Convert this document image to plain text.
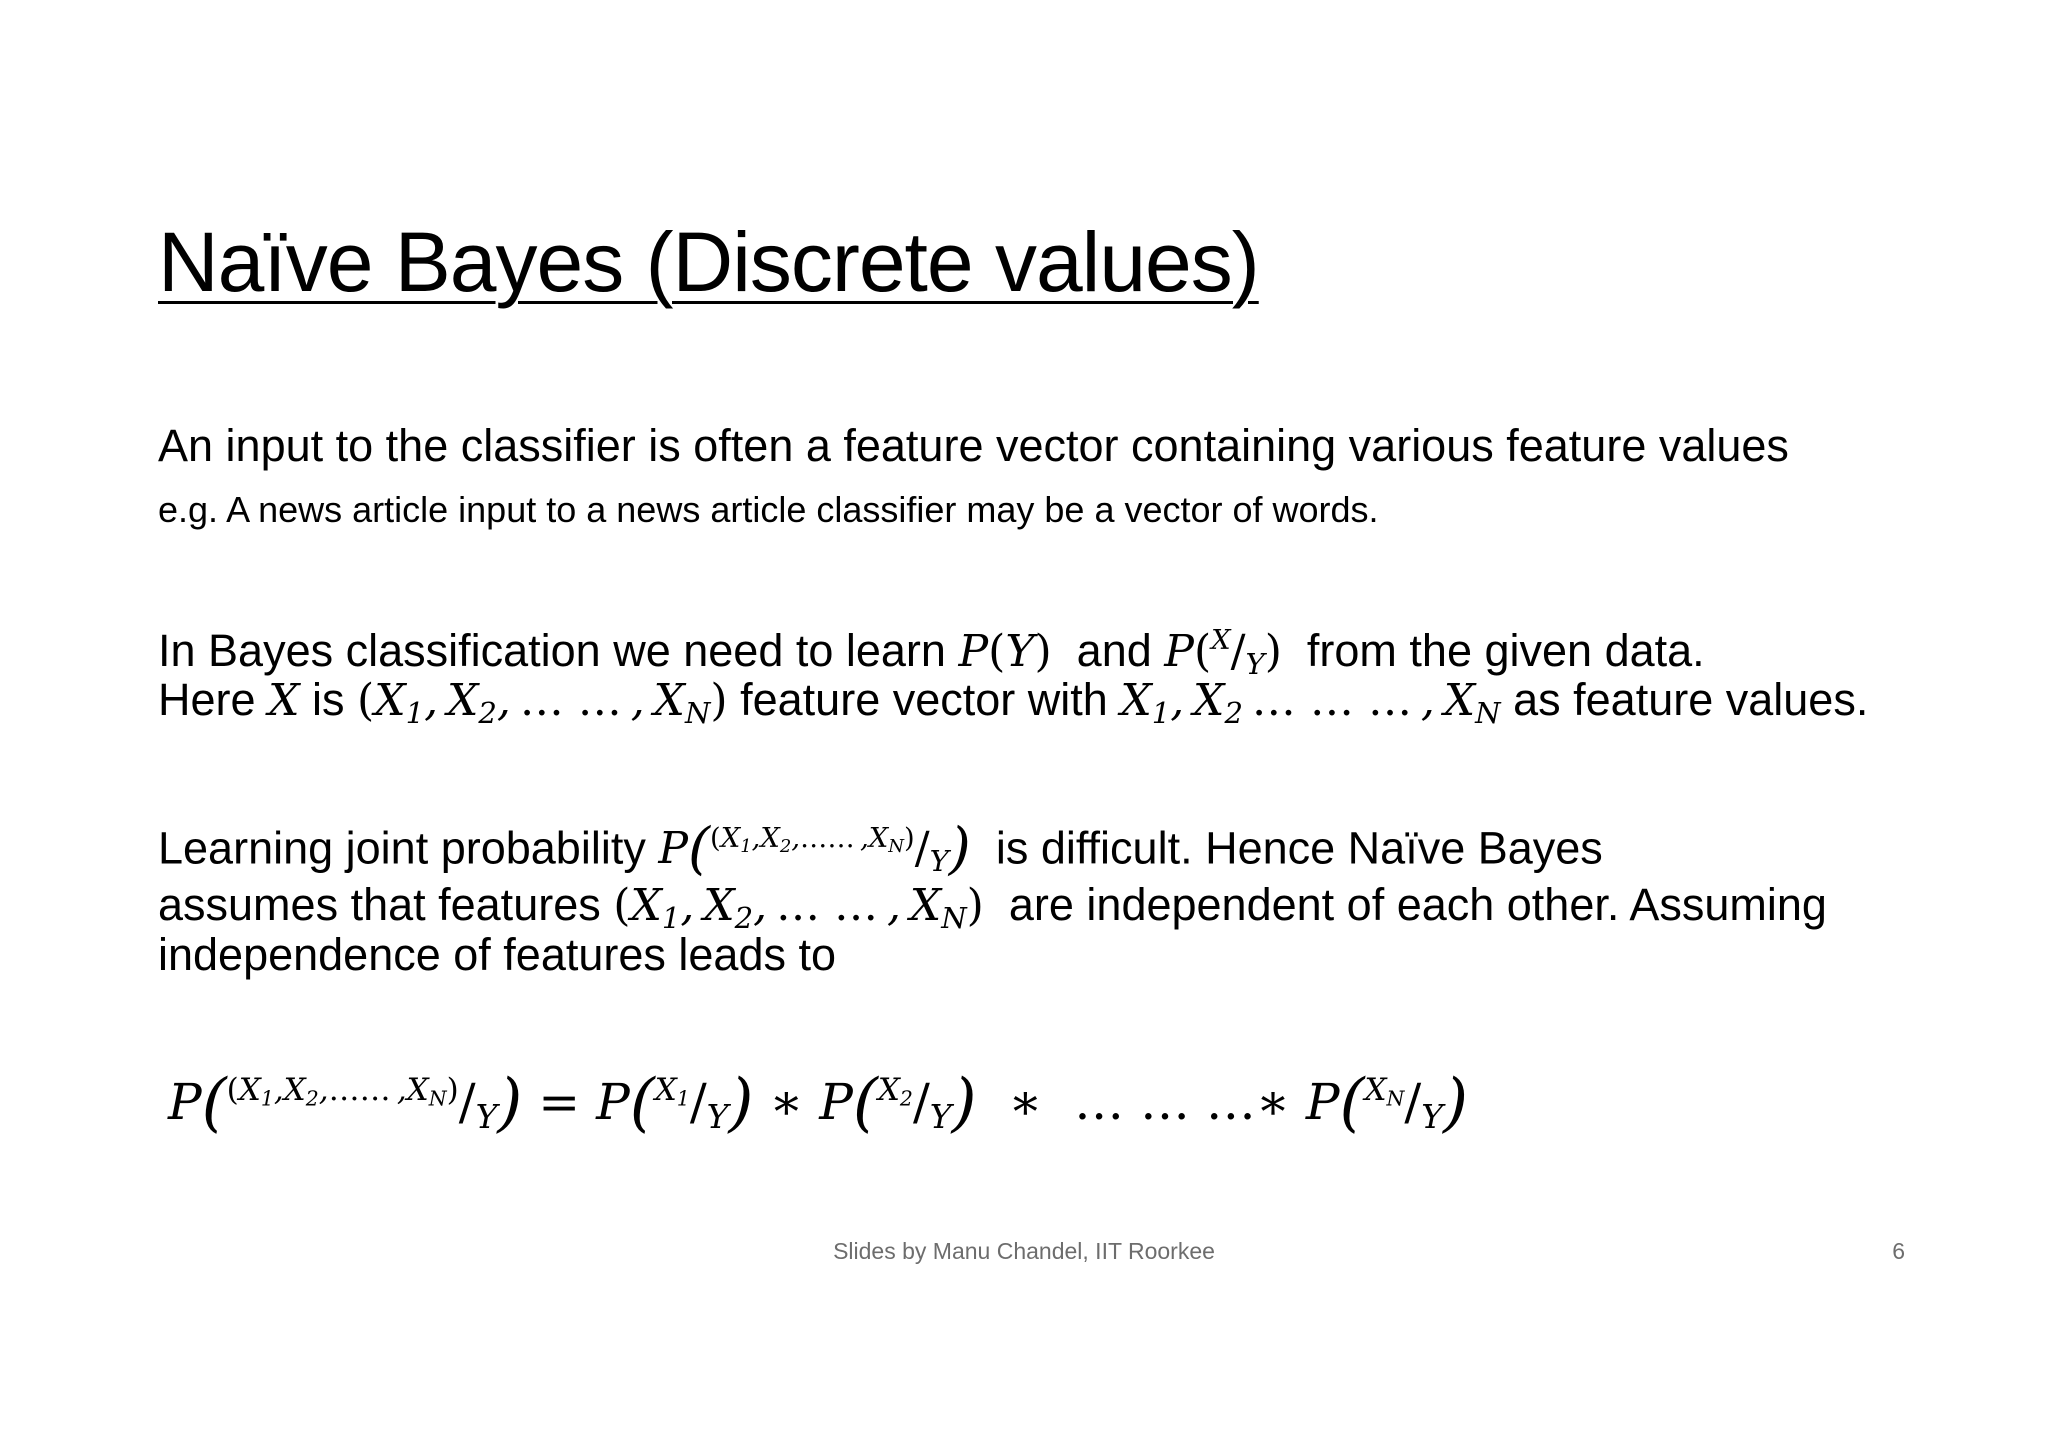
Naïve Bayes (Discrete values)
An input to the classifier is often a feature vector containing various feature values
e.g. A news article input to a news article classifier may be a vector of words.
In Bayes classification we need to learn P(Y) and $P(^X/_Y)$ from the given data.
Here X is ($X_1$, $X_2$, … … , $X_N$) feature vector with $X_1$, $X_2$  … … … , $X_N$ as feature values.
Learning joint probability $P(^{(X_1,X_2,\dots\dots ,X_N)}/_Y)$ is difficult. Hence Naïve Bayes
assumes that features ($X_1$, $X_2$, … … , $X_N$) are independent of each other. Assuming
independence of features leads to
$P(^{(X_1,X_2,\dots\dots ,X_N)}/_Y) = P(^{X_1}/_Y)$ ∗ $P(^{X_2}/_Y)$ ∗ … … …∗ $P(^{X_N}/_Y)$
Slides by Manu Chandel, IIT Roorkee	6
